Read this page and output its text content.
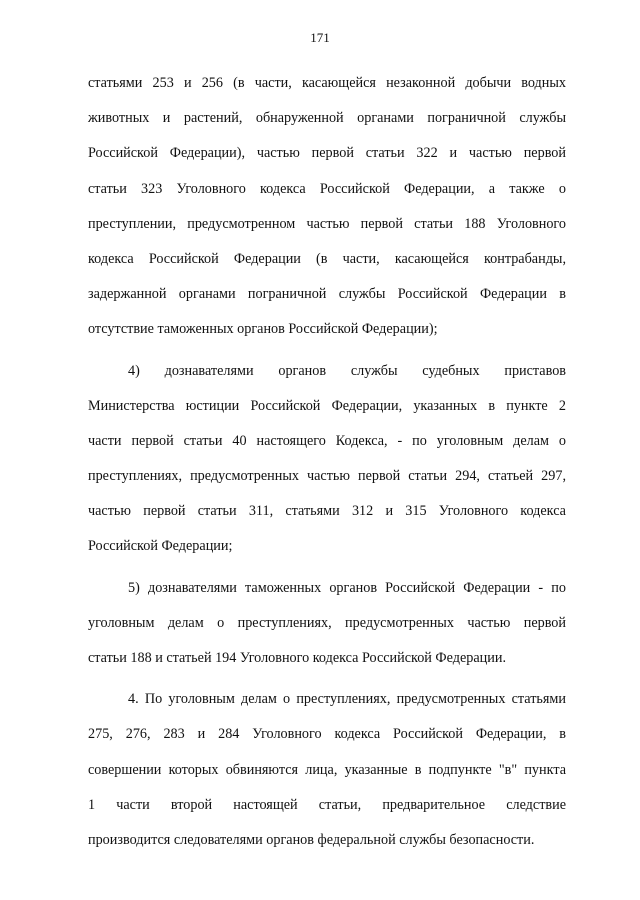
171
статьями 253 и 256 (в части, касающейся незаконной добычи водных
животных и растений, обнаруженной органами пограничной службы
Российской Федерации), частью первой статьи 322 и частью первой
статьи 323 Уголовного кодекса Российской Федерации, а также о
преступлении, предусмотренном частью первой статьи 188 Уголовного
кодекса Российской Федерации (в части, касающейся контрабанды,
задержанной органами пограничной службы Российской Федерации в
отсутствие таможенных органов Российской Федерации);
4) дознавателями органов службы судебных приставов
Министерства юстиции Российской Федерации, указанных в пункте 2
части первой статьи 40 настоящего Кодекса, - по уголовным делам о
преступлениях, предусмотренных частью первой статьи 294, статьей 297,
частью первой статьи 311, статьями 312 и 315 Уголовного кодекса
Российской Федерации;
5) дознавателями таможенных органов Российской Федерации - по
уголовным делам о преступлениях, предусмотренных частью первой
статьи 188 и статьей 194 Уголовного кодекса Российской Федерации.
4. По уголовным делам о преступлениях, предусмотренных статьями
275, 276, 283 и 284 Уголовного кодекса Российской Федерации, в
совершении которых обвиняются лица, указанные в подпункте "в" пункта
1 части второй настоящей статьи, предварительное следствие
производится следователями органов федеральной службы безопасности.
